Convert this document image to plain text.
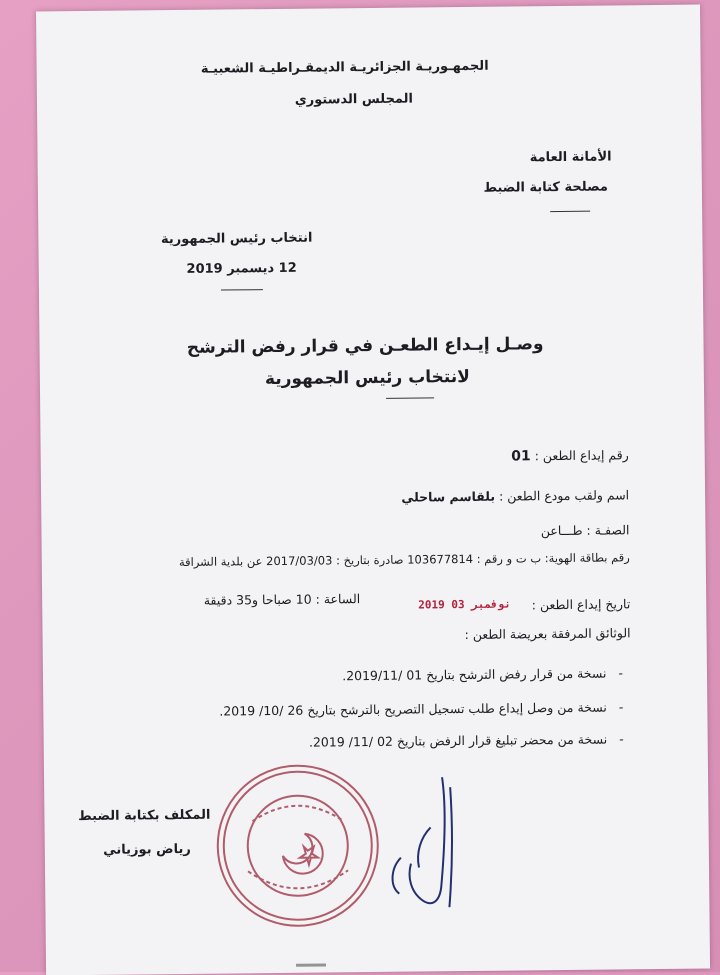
الجمهـوريـة الجزائريـة الديمقـراطيـة الشعبيـة
المجلس الدستوري
الأمانة العامة
مصلحة كتابة الضبط
انتخاب رئيس الجمهورية
12 ديسمبر 2019
وصـل إيـداع الطعـن في قرار رفض الترشح
لانتخاب رئيس الجمهورية
رقم إيداع الطعن : 01
اسم ولقب مودع الطعن : بلقاسم ساحلي
الصفـة : طـــاعن
رقم بطاقة الهوية: ب ت و رقم : 103677814 صادرة بتاريخ : 2017/03/03 عن بلدية الشراقة
تاريخ إيداع الطعن :
2019 نوفمبر 03
الساعة : 10 صباحا و35 دقيقة
الوثائق المرفقة بعريضة الطعن :
-نسخة من قرار رفض الترشح بتاريخ 01 /2019/11.
-نسخة من وصل إيداع طلب تسجيل التصريح بالترشح بتاريخ 26 /10/ 2019.
-نسخة من محضر تبليغ قرار الرفض بتاريخ 02 /11/ 2019.
المكلف بكتابة الضبط
رياض بوزياني
